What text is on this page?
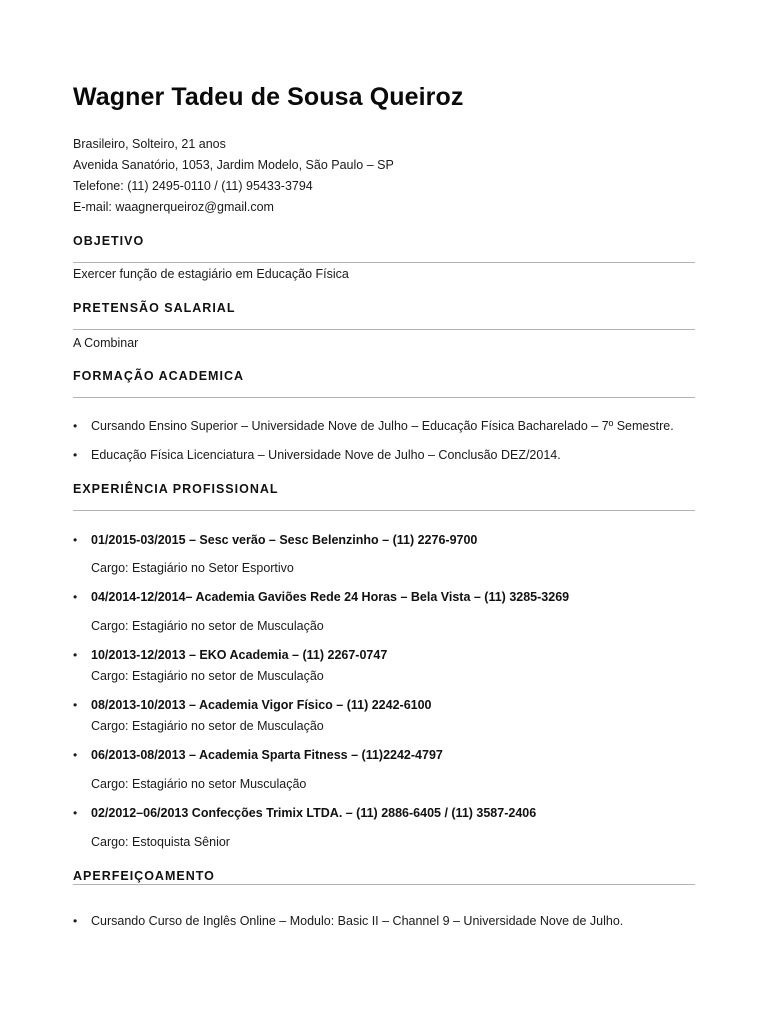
Wagner Tadeu de Sousa Queiroz
Brasileiro, Solteiro, 21 anos
Avenida Sanatório, 1053, Jardim Modelo, São Paulo – SP
Telefone: (11) 2495-0110 / (11) 95433-3794
E-mail: waagnerqueiroz@gmail.com
OBJETIVO
Exercer função de estagiário em Educação Física
PRETENSÃO SALARIAL
A Combinar
FORMAÇÃO ACADEMICA
•	Cursando Ensino Superior – Universidade Nove de Julho – Educação Física Bacharelado – 7º Semestre.
•	Educação Física Licenciatura – Universidade Nove de Julho – Conclusão DEZ/2014.
EXPERIÊNCIA PROFISSIONAL
•	01/2015-03/2015 – Sesc verão – Sesc Belenzinho – (11) 2276-9700
Cargo: Estagiário no Setor Esportivo
•	04/2014-12/2014– Academia Gaviões Rede 24 Horas – Bela Vista – (11) 3285-3269
Cargo: Estagiário no setor de Musculação
•	10/2013-12/2013 – EKO Academia – (11) 2267-0747
Cargo: Estagiário no setor de Musculação
•	08/2013-10/2013 – Academia Vigor Físico – (11) 2242-6100
Cargo: Estagiário no setor de Musculação
•	06/2013-08/2013 – Academia Sparta Fitness – (11)2242-4797
Cargo: Estagiário no setor Musculação
•	02/2012–06/2013 Confecções Trimix LTDA. – (11) 2886-6405 / (11) 3587-2406
Cargo: Estoquista Sênior
APERFEIÇOAMENTO
•	Cursando Curso de Inglês Online – Modulo: Basic II – Channel 9 – Universidade Nove de Julho.
